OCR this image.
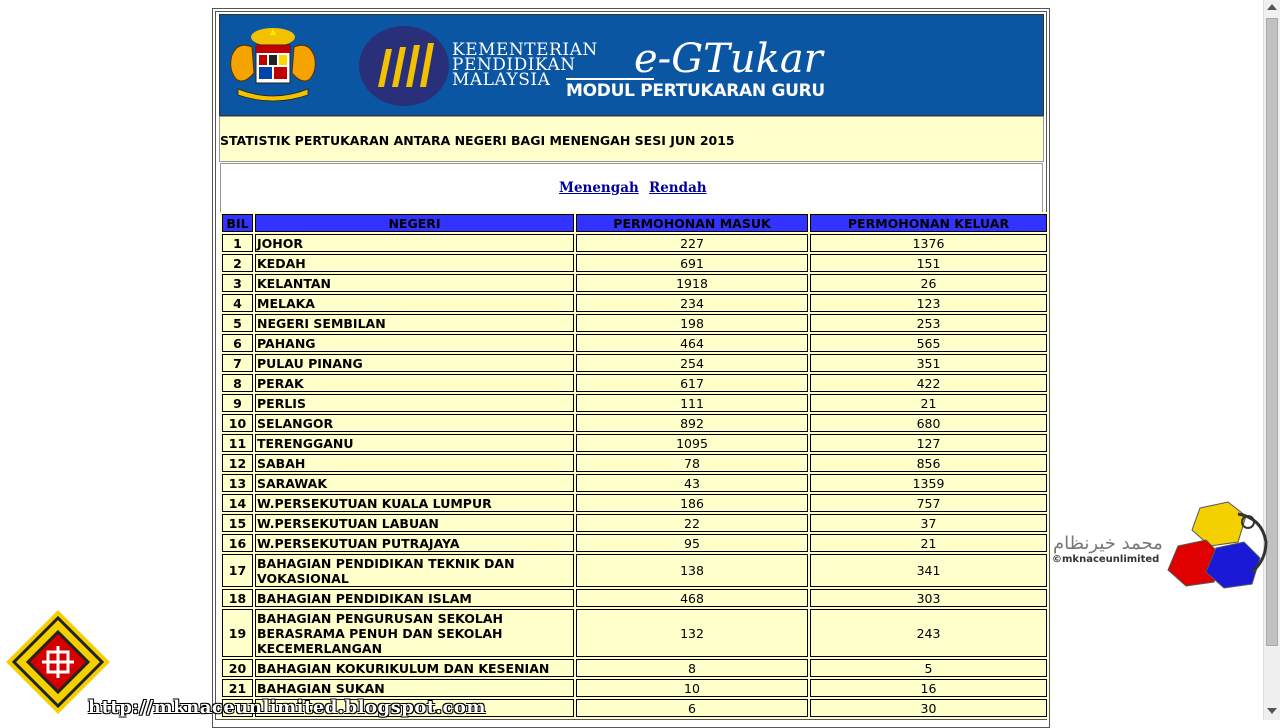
KEMENTERIAN
PENDIDIKAN
MALAYSIA	e-GTukar
MODUL PERTUKARAN GURU
STATISTIK PERTUKARAN ANTARA NEGERI BAGI MENENGAH SESI JUN 2015
Menengah Rendah
BIL	NEGERI	PERMOHONAN MASUK	PERMOHONAN KELUAR
1	JOHOR	227	1376
2	KEDAH	691	151
3	KELANTAN	1918	26
4	MELAKA	234	123
5	NEGERI SEMBILAN	198	253
6	PAHANG	464	565
7	PULAU PINANG	254	351
8	PERAK	617	422
9	PERLIS	111	21
10	SELANGOR	892	680
11	TERENGGANU	1095	127
12	SABAH	78	856
13	SARAWAK	43	1359
14	W.PERSEKUTUAN KUALA LUMPUR	186	757
15	W.PERSEKUTUAN LABUAN	22	37
16	W.PERSEKUTUAN PUTRAJAYA	95	21
17	BAHAGIAN PENDIDIKAN TEKNIK DAN VOKASIONAL	138	341
18	BAHAGIAN PENDIDIKAN ISLAM	468	303
19	BAHAGIAN PENGURUSAN SEKOLAH BERASRAMA PENUH DAN SEKOLAH KECEMERLANGAN	132	243
20	BAHAGIAN KOKURIKULUM DAN KESENIAN	8	5
21	BAHAGIAN SUKAN	10	16
		6	30
محمد خيرنظام
©mknaceunlimited
http://mknaceunlimited.blogspot.com
